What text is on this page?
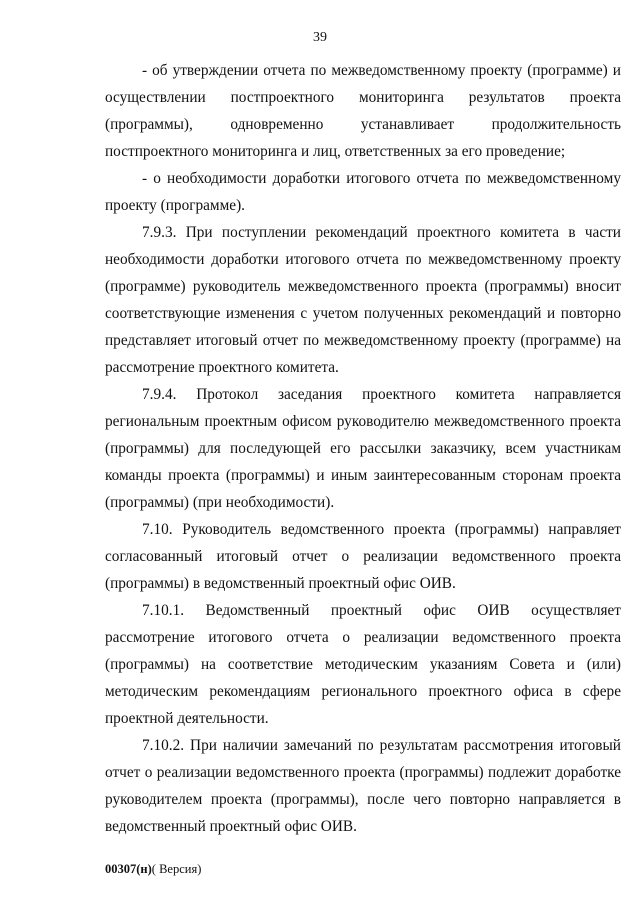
39

- об утверждении отчета по межведомственному проекту (программе) и осуществлении постпроектного мониторинга результатов проекта (программы), одновременно устанавливает продолжительность постпроектного мониторинга и лиц, ответственных за его проведение;

- о необходимости доработки итогового отчета по межведомственному проекту (программе).

7.9.3. При поступлении рекомендаций проектного комитета в части необходимости доработки итогового отчета по межведомственному проекту (программе) руководитель межведомственного проекта (программы) вносит соответствующие изменения с учетом полученных рекомендаций и повторно представляет итоговый отчет по межведомственному проекту (программе) на рассмотрение проектного комитета.

7.9.4. Протокол заседания проектного комитета направляется региональным проектным офисом руководителю межведомственного проекта (программы) для последующей его рассылки заказчику, всем участникам команды проекта (программы) и иным заинтересованным сторонам проекта (программы) (при необходимости).

7.10. Руководитель ведомственного проекта (программы) направляет согласованный итоговый отчет о реализации ведомственного проекта (программы) в ведомственный проектный офис ОИВ.

7.10.1. Ведомственный проектный офис ОИВ осуществляет рассмотрение итогового отчета о реализации ведомственного проекта (программы) на соответствие методическим указаниям Совета и (или) методическим рекомендациям регионального проектного офиса в сфере проектной деятельности.

7.10.2. При наличии замечаний по результатам рассмотрения итоговый отчет о реализации ведомственного проекта (программы) подлежит доработке руководителем проекта (программы), после чего повторно направляется в ведомственный проектный офис ОИВ.

00307(н)( Версия)
